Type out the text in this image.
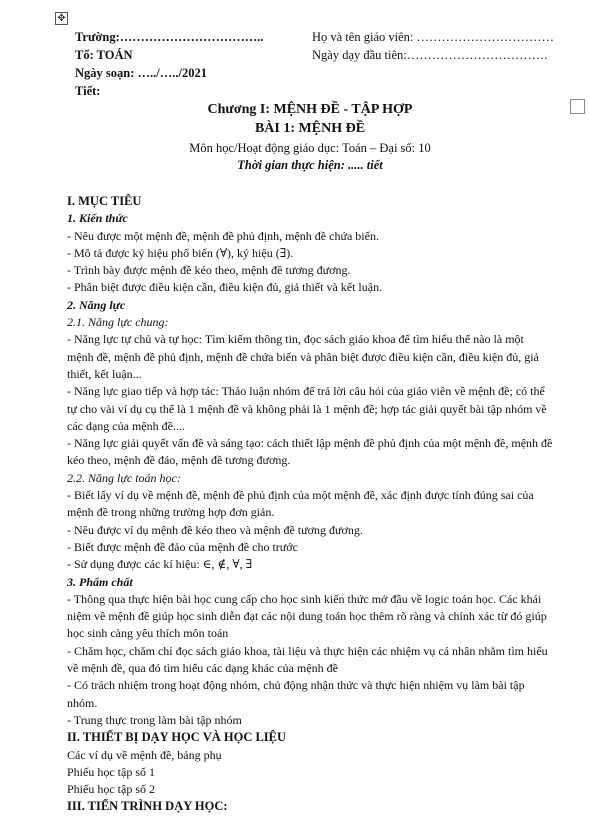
✥
Trường:……………………………..
Tổ: TOÁN
Ngày soạn: …../…../2021
Tiết:
Họ và tên giáo viên: ……………………………
Ngày dạy đầu tiên:…………………………….
Chương I: MỆNH ĐỀ - TẬP HỢP
BÀI 1: MỆNH ĐỀ
Môn học/Hoạt động giáo dục: Toán – Đại số: 10
Thời gian thực hiện: ..... tiết

I. MỤC TIÊU

1. Kiến thức

- Nêu được một mệnh đề, mệnh đề phủ định, mệnh đề chứa biến.

- Mô tả được ký hiệu phổ biến (∀), ký hiệu (∃).

- Trình bày được mệnh đề kéo theo, mệnh đề tương đương.

- Phân biệt được điều kiện cần, điều kiện đủ, giả thiết và kết luận.

2. Năng lực

2.1. Năng lực chung:

- Năng lực tự chủ và tự học: Tìm kiếm thông tin, đọc sách giáo khoa để tìm hiểu thế nào là một mệnh đề, mệnh đề phủ định, mệnh đề chứa biến và phân biệt được điều kiện cần, điều kiện đủ, giả thiết, kết luận...

- Năng lực giao tiếp và hợp tác: Thảo luận nhóm để trả lời câu hỏi của giáo viên về mệnh đề; có thể tự cho vài ví dụ cụ thể là 1 mệnh đề và không phải là 1 mệnh đề; hợp tác giải quyết bài tập nhóm về các dạng của mệnh đề....

- Năng lực giải quyết vấn đề và sáng tạo: cách thiết lập mệnh đề phủ định của một mệnh đề, mệnh đề kéo theo, mệnh đề đảo, mệnh đề tương đương.

2.2. Năng lực toán học:

- Biết lấy ví dụ về mệnh đề, mệnh đề phủ định của một mệnh đề, xác định được tính đúng sai của mệnh đề trong những trường hợp đơn giản.

- Nêu được ví dụ mệnh đề kéo theo và mệnh đề tương đương.

- Biết được mệnh đề đảo của mệnh đề cho trước

- Sử dụng được các kí hiệu: ∈, ∉, ∀, ∃

3. Phẩm chất

- Thông qua thực hiện bài học cung cấp cho học sinh kiến thức mở đầu về logic toán học. Các khái niệm về mệnh đề giúp học sinh diễn đạt các nội dung toán học thêm rõ ràng và chính xác từ đó giúp học sinh càng yêu thích môn toán

- Chăm học, chăm chỉ đọc sách giáo khoa, tài liệu và thực hiện các nhiệm vụ cá nhân nhằm tìm hiểu về mệnh đề, qua đó tìm hiểu các dạng khác của mệnh đề

- Có trách nhiệm trong hoạt động nhóm, chủ động nhận thức và thực hiện nhiệm vụ làm bài tập nhóm.

- Trung thực trong làm bài tập nhóm

II. THIẾT BỊ DẠY HỌC VÀ HỌC LIỆU

Các ví dụ về mệnh đề, bảng phụ

Phiếu học tập số 1

Phiếu học tập số 2

III. TIẾN TRÌNH DẠY HỌC:
